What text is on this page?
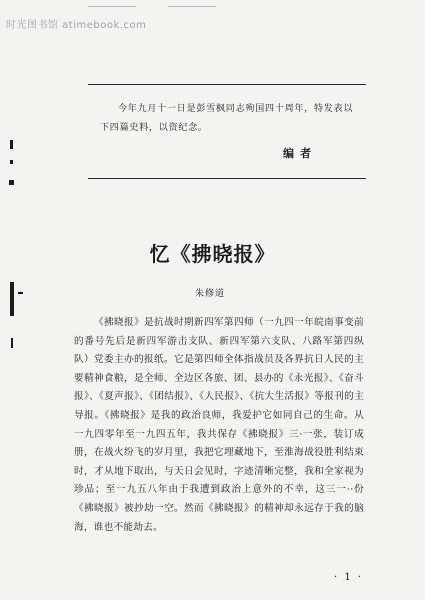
时光图书馆 atimebook.com
今年九月十一日是彭雪枫同志殉国四十周年，特发表以下四篇史料，以资纪念。
编者
忆《拂晓报》
朱修道
《拂晓报》是抗战时期新四军第四师（一九四一年皖南事变前的番号先后是新四军游击支队、新四军第六支队、八路军第四纵队）党委主办的报纸。它是第四师全体指战员及各界抗日人民的主要精神食粮，是全师、全边区各旅、团、县办的《永光报》、《奋斗报》、《夏声报》、《团结报》、《人民报》、《抗大生活报》等报刊的主导报。《拂晓报》是我的政治良师，我爱护它如同自己的生命。从一九四零年至一九四五年，我共保存《拂晓报》三·一张，装订成册，在战火纷飞的岁月里，我把它埋藏地下，至淮海战役胜利结束时，才从地下取出，与天日会见时，字迹清晰完整，我和全家视为珍品；至一九五八年由于我遭到政治上意外的不幸，这三一··份《拂晓报》被抄劫一空。然而《拂晓报》的精神却永远存于我的脑海，谁也不能劫去。
· 1 ·
